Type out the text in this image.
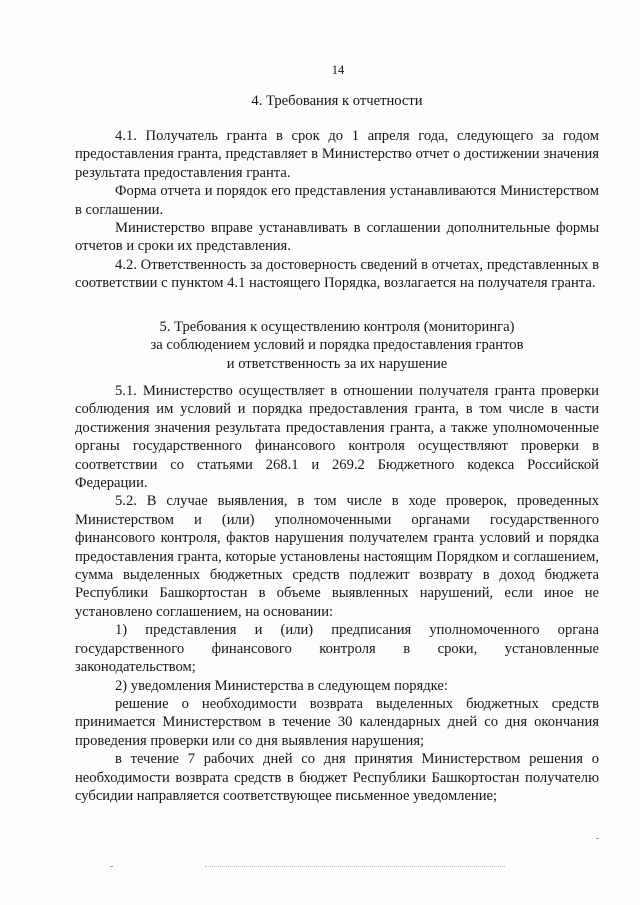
14

4. Требования к отчетности

4.1. Получатель гранта в срок до 1 апреля года, следующего за годом предоставления гранта, представляет в Министерство отчет о достижении значения результата предоставления гранта.

Форма отчета и порядок его представления устанавливаются Министерством в соглашении.

Министерство вправе устанавливать в соглашении дополнительные формы отчетов и сроки их представления.

4.2. Ответственность за достоверность сведений в отчетах, представленных в соответствии с пунктом 4.1 настоящего Порядка, возлагается на получателя гранта.

5. Требования к осуществлению контроля (мониторинга)

за соблюдением условий и порядка предоставления грантов

и ответственность за их нарушение

5.1. Министерство осуществляет в отношении получателя гранта проверки соблюдения им условий и порядка предоставления гранта, в том числе в части достижения значения результата предоставления гранта, а также уполномоченные органы государственного финансового контроля осуществляют проверки в соответствии со статьями 268.1 и 269.2 Бюджетного кодекса Российской Федерации.

5.2. В случае выявления, в том числе в ходе проверок, проведенных Министерством и (или) уполномоченными органами государственного финансового контроля, фактов нарушения получателем гранта условий и порядка предоставления гранта, которые установлены настоящим Порядком и соглашением, сумма выделенных бюджетных средств подлежит возврату в доход бюджета Республики Башкортостан в объеме выявленных нарушений, если иное не установлено соглашением, на основании:

1) представления и (или) предписания уполномоченного органа государственного финансового контроля в сроки, установленные законодательством;

2) уведомления Министерства в следующем порядке:

решение о необходимости возврата выделенных бюджетных средств принимается Министерством в течение 30 календарных дней со дня окончания проведения проверки или со дня выявления нарушения;

в течение 7 рабочих дней со дня принятия Министерством решения о необходимости возврата средств в бюджет Республики Башкортостан получателю субсидии направляется соответствующее письменное уведомление;
